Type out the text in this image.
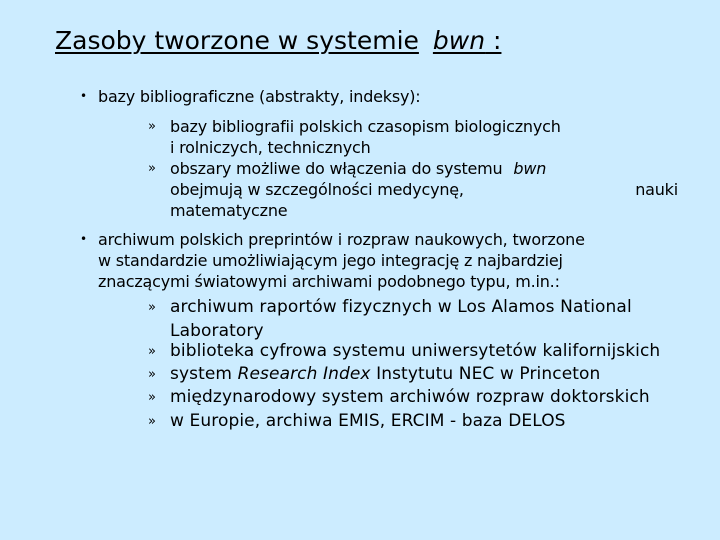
Zasoby tworzone w systemie bwn :
• bazy bibliograficzne (abstrakty, indeksy):
» bazy bibliografii polskich czasopism biologicznych
i rolniczych, technicznych
» obszary możliwe do włączenia do systemu bwn
obejmują w szczególności medycynę,	nauki
matematyczne
• archiwum polskich preprintów i rozpraw naukowych, tworzone
w standardzie umożliwiającym jego integrację z najbardziej
znaczącymi światowymi archiwami podobnego typu, m.in.:
» archiwum raportów fizycznych w Los Alamos National
Laboratory
» biblioteka cyfrowa systemu uniwersytetów kalifornijskich
» system Research Index Instytutu NEC w Princeton
» międzynarodowy system archiwów rozpraw doktorskich
» w Europie, archiwa EMIS, ERCIM - baza DELOS
